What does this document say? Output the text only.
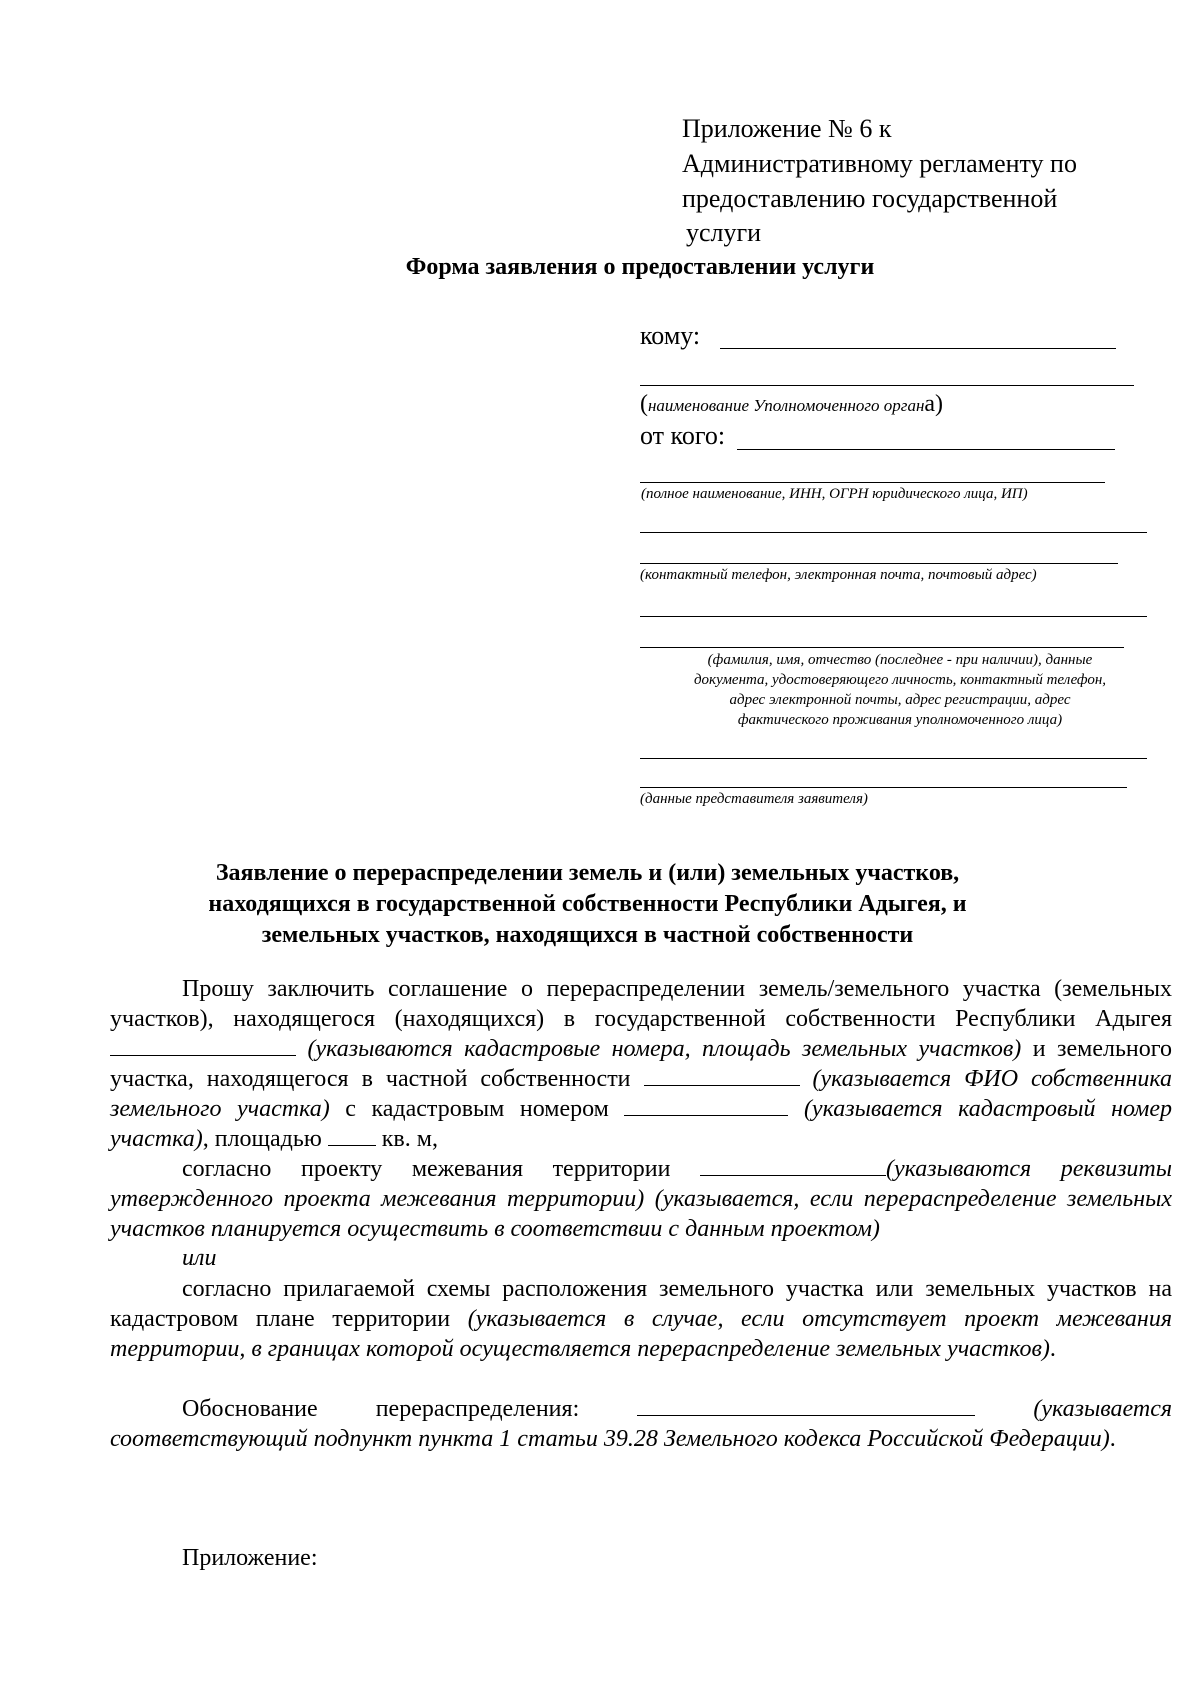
Приложение № 6 к
Административному регламенту по
предоставлению государственной
услуги
Форма заявления о предоставлении услуги
кому:
(наименование Уполномоченного органа)
от кого:
(полное наименование, ИНН, ОГРН юридического лица, ИП)
(контактный телефон, электронная почта, почтовый адрес)
(фамилия, имя, отчество (последнее - при наличии), данные
документа, удостоверяющего личность, контактный телефон,
адрес электронной почты, адрес регистрации, адрес
фактического проживания уполномоченного лица)
(данные представителя заявителя)
Заявление о перераспределении земель и (или) земельных участков,
находящихся в государственной собственности Республики Адыгея, и
земельных участков, находящихся в частной собственности
Прошу заключить соглашение о перераспределении земель/земельного участка (земельных участков), находящегося (находящихся) в государственной собственности Республики Адыгея  (указываются кадастровые номера, площадь земельных участков) и земельного участка, находящегося в частной собственности	(указывается ФИО собственника земельного участка) с кадастровым номером	(указывается кадастровый номер участка), площадью	кв. м,
согласно проекту межевания территории	(указываются реквизиты утвержденного проекта межевания территории) (указывается, если перераспределение земельных участков планируется осуществить в соответствии с данным проектом)
или
согласно прилагаемой схемы расположения земельного участка или земельных участков на кадастровом плане территории (указывается в случае, если отсутствует проект межевания территории, в границах которой осуществляется перераспределение земельных участков).
Обоснование перераспределения:	(указывается соответствующий подпункт пункта 1 статьи 39.28 Земельного кодекса Российской Федерации).
Приложение:
